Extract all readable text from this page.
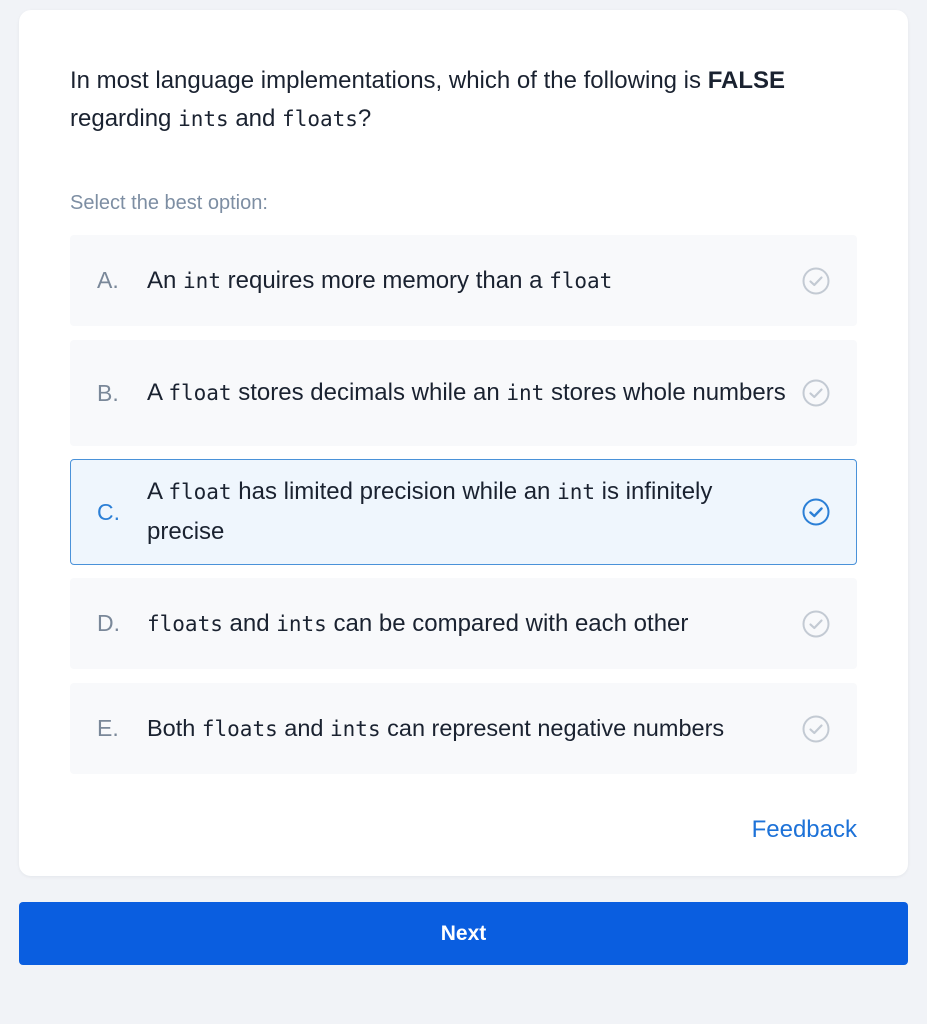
In most language implementations, which of the following is FALSE regarding ints and floats?

Select the best option:

A. An int requires more memory than a float
B. A float stores decimals while an int stores whole numbers
C.
A float has limited precision while an int is infinitely precise
D. floats and ints can be compared with each other
E. Both floats and ints can represent negative numbers
Feedback
Next
